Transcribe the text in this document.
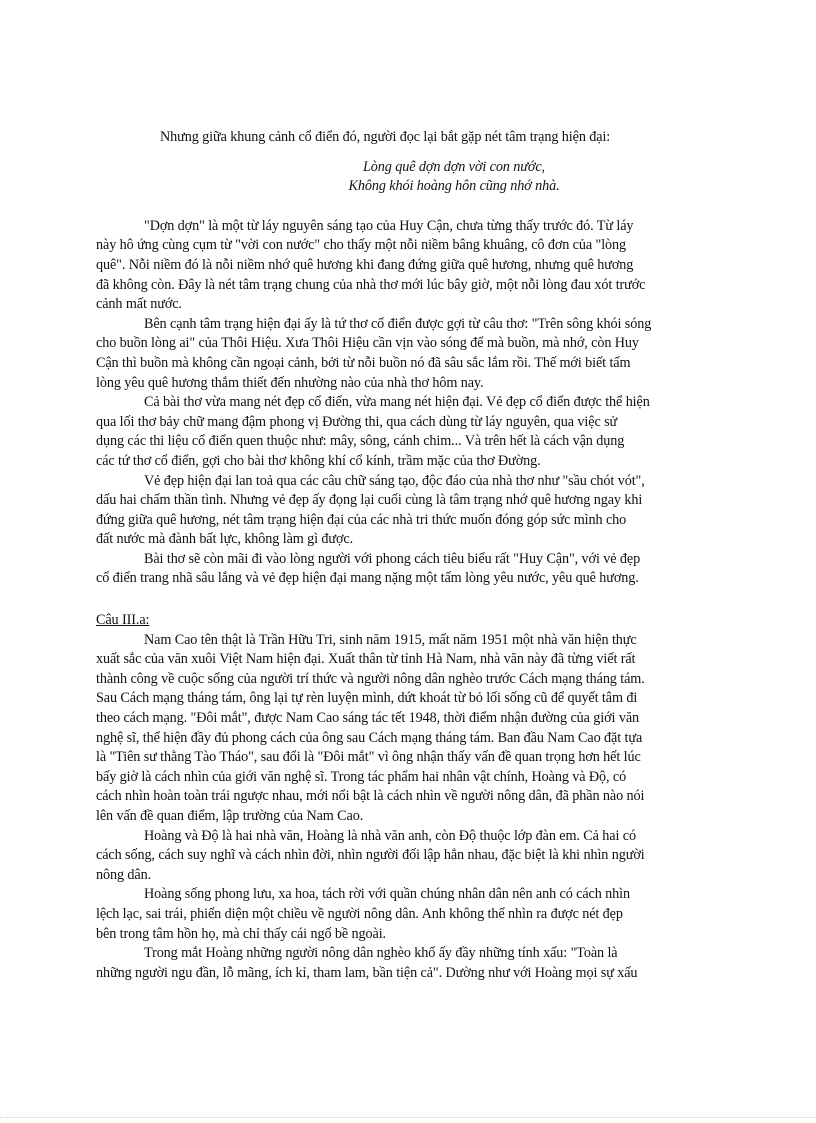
Nhưng giữa khung cảnh cổ điển đó, người đọc lại bắt gặp nét tâm trạng hiện đại:
Lòng quê dợn dợn vời con nước,
Không khói hoàng hôn cũng nhớ nhà.
"Dợn dợn" là một từ láy nguyên sáng tạo của Huy Cận, chưa từng thấy trước đó. Từ láy
này hô ứng cùng cụm từ "vời con nước" cho thấy một nỗi niềm bâng khuâng, cô đơn của "lòng
quê". Nỗi niềm đó là nỗi niềm nhớ quê hương khi đang đứng giữa quê hương, nhưng quê hương
đã không còn. Đây là nét tâm trạng chung của nhà thơ mới lúc bây giờ, một nỗi lòng đau xót trước
cảnh mất nước.
Bên cạnh tâm trạng hiện đại ấy là tứ thơ cổ điển được gợi từ câu thơ: "Trên sông khói sóng
cho buồn lòng ai" của Thôi Hiệu. Xưa Thôi Hiệu cần vịn vào sóng để mà buồn, mà nhớ, còn Huy
Cận thì buồn mà không cần ngoại cảnh, bởi từ nỗi buồn nó đã sâu sắc lắm rồi. Thế mới biết tấm
lòng yêu quê hương thắm thiết đến nhường nào của nhà thơ hôm nay.
Cả bài thơ vừa mang nét đẹp cổ điển, vừa mang nét hiện đại. Vẻ đẹp cổ điển được thể hiện
qua lối thơ bảy chữ mang đậm phong vị Đường thi, qua cách dùng từ láy nguyên, qua việc sử
dụng các thi liệu cổ điển quen thuộc như: mây, sông, cánh chim... Và trên hết là cách vận dụng
các tứ thơ cổ điển, gợi cho bài thơ không khí cổ kính, trầm mặc của thơ Đường.
Vẻ đẹp hiện đại lan toả qua các câu chữ sáng tạo, độc đáo của nhà thơ như "sầu chót vót",
dấu hai chấm thần tình. Nhưng vẻ đẹp ấy đọng lại cuối cùng là tâm trạng nhớ quê hương ngay khi
đứng giữa quê hương, nét tâm trạng hiện đại của các nhà tri thức muốn đóng góp sức mình cho
đất nước mà đành bất lực, không làm gì được.
Bài thơ sẽ còn mãi đi vào lòng người với phong cách tiêu biểu rất "Huy Cận", với vẻ đẹp
cổ điển trang nhã sâu lắng và vẻ đẹp hiện đại mang nặng một tấm lòng yêu nước, yêu quê hương.
Câu III.a:
Nam Cao tên thật là Trần Hữu Tri, sinh năm 1915, mất năm 1951 một nhà văn hiện thực
xuất sắc của văn xuôi Việt Nam hiện đại. Xuất thân từ tỉnh Hà Nam, nhà văn này đã từng viết rất
thành công về cuộc sống của người trí thức và người nông dân nghèo trước Cách mạng tháng tám.
Sau Cách mạng tháng tám, ông lại tự rèn luyện mình, dứt khoát từ bỏ lối sống cũ để quyết tâm đi
theo cách mạng. "Đôi mắt", được Nam Cao sáng tác tết 1948, thời điểm nhận đường của giới văn
nghệ sĩ, thể hiện đầy đủ phong cách của ông sau Cách mạng tháng tám. Ban đầu Nam Cao đặt tựa
là "Tiên sư thằng Tào Tháo", sau đổi là "Đôi mắt" vì ông nhận thấy vấn đề quan trọng hơn hết lúc
bấy giờ là cách nhìn của giới văn nghệ sĩ. Trong tác phẩm hai nhân vật chính, Hoàng và Độ, có
cách nhìn hoàn toàn trái ngược nhau, mới nổi bật là cách nhìn về người nông dân, đã phần nào nói
lên vấn đề quan điểm, lập trường của Nam Cao.
Hoàng và Độ là hai nhà văn, Hoàng là nhà văn anh, còn Độ thuộc lớp đàn em. Cả hai có
cách sống, cách suy nghĩ và cách nhìn đời, nhìn người đối lập hẳn nhau, đặc biệt là khi nhìn người
nông dân.
Hoàng sống phong lưu, xa hoa, tách rời với quần chúng nhân dân nên anh có cách nhìn
lệch lạc, sai trái, phiến diện một chiều về người nông dân. Anh không thể nhìn ra được nét đẹp
bên trong tâm hồn họ, mà chỉ thấy cái ngố bề ngoài.
Trong mắt Hoàng những người nông dân nghèo khổ ấy đầy những tính xấu: "Toàn là
những người ngu đần, lỗ mãng, ích kỉ, tham lam, bần tiện cả". Dường như với Hoàng mọi sự xấu
